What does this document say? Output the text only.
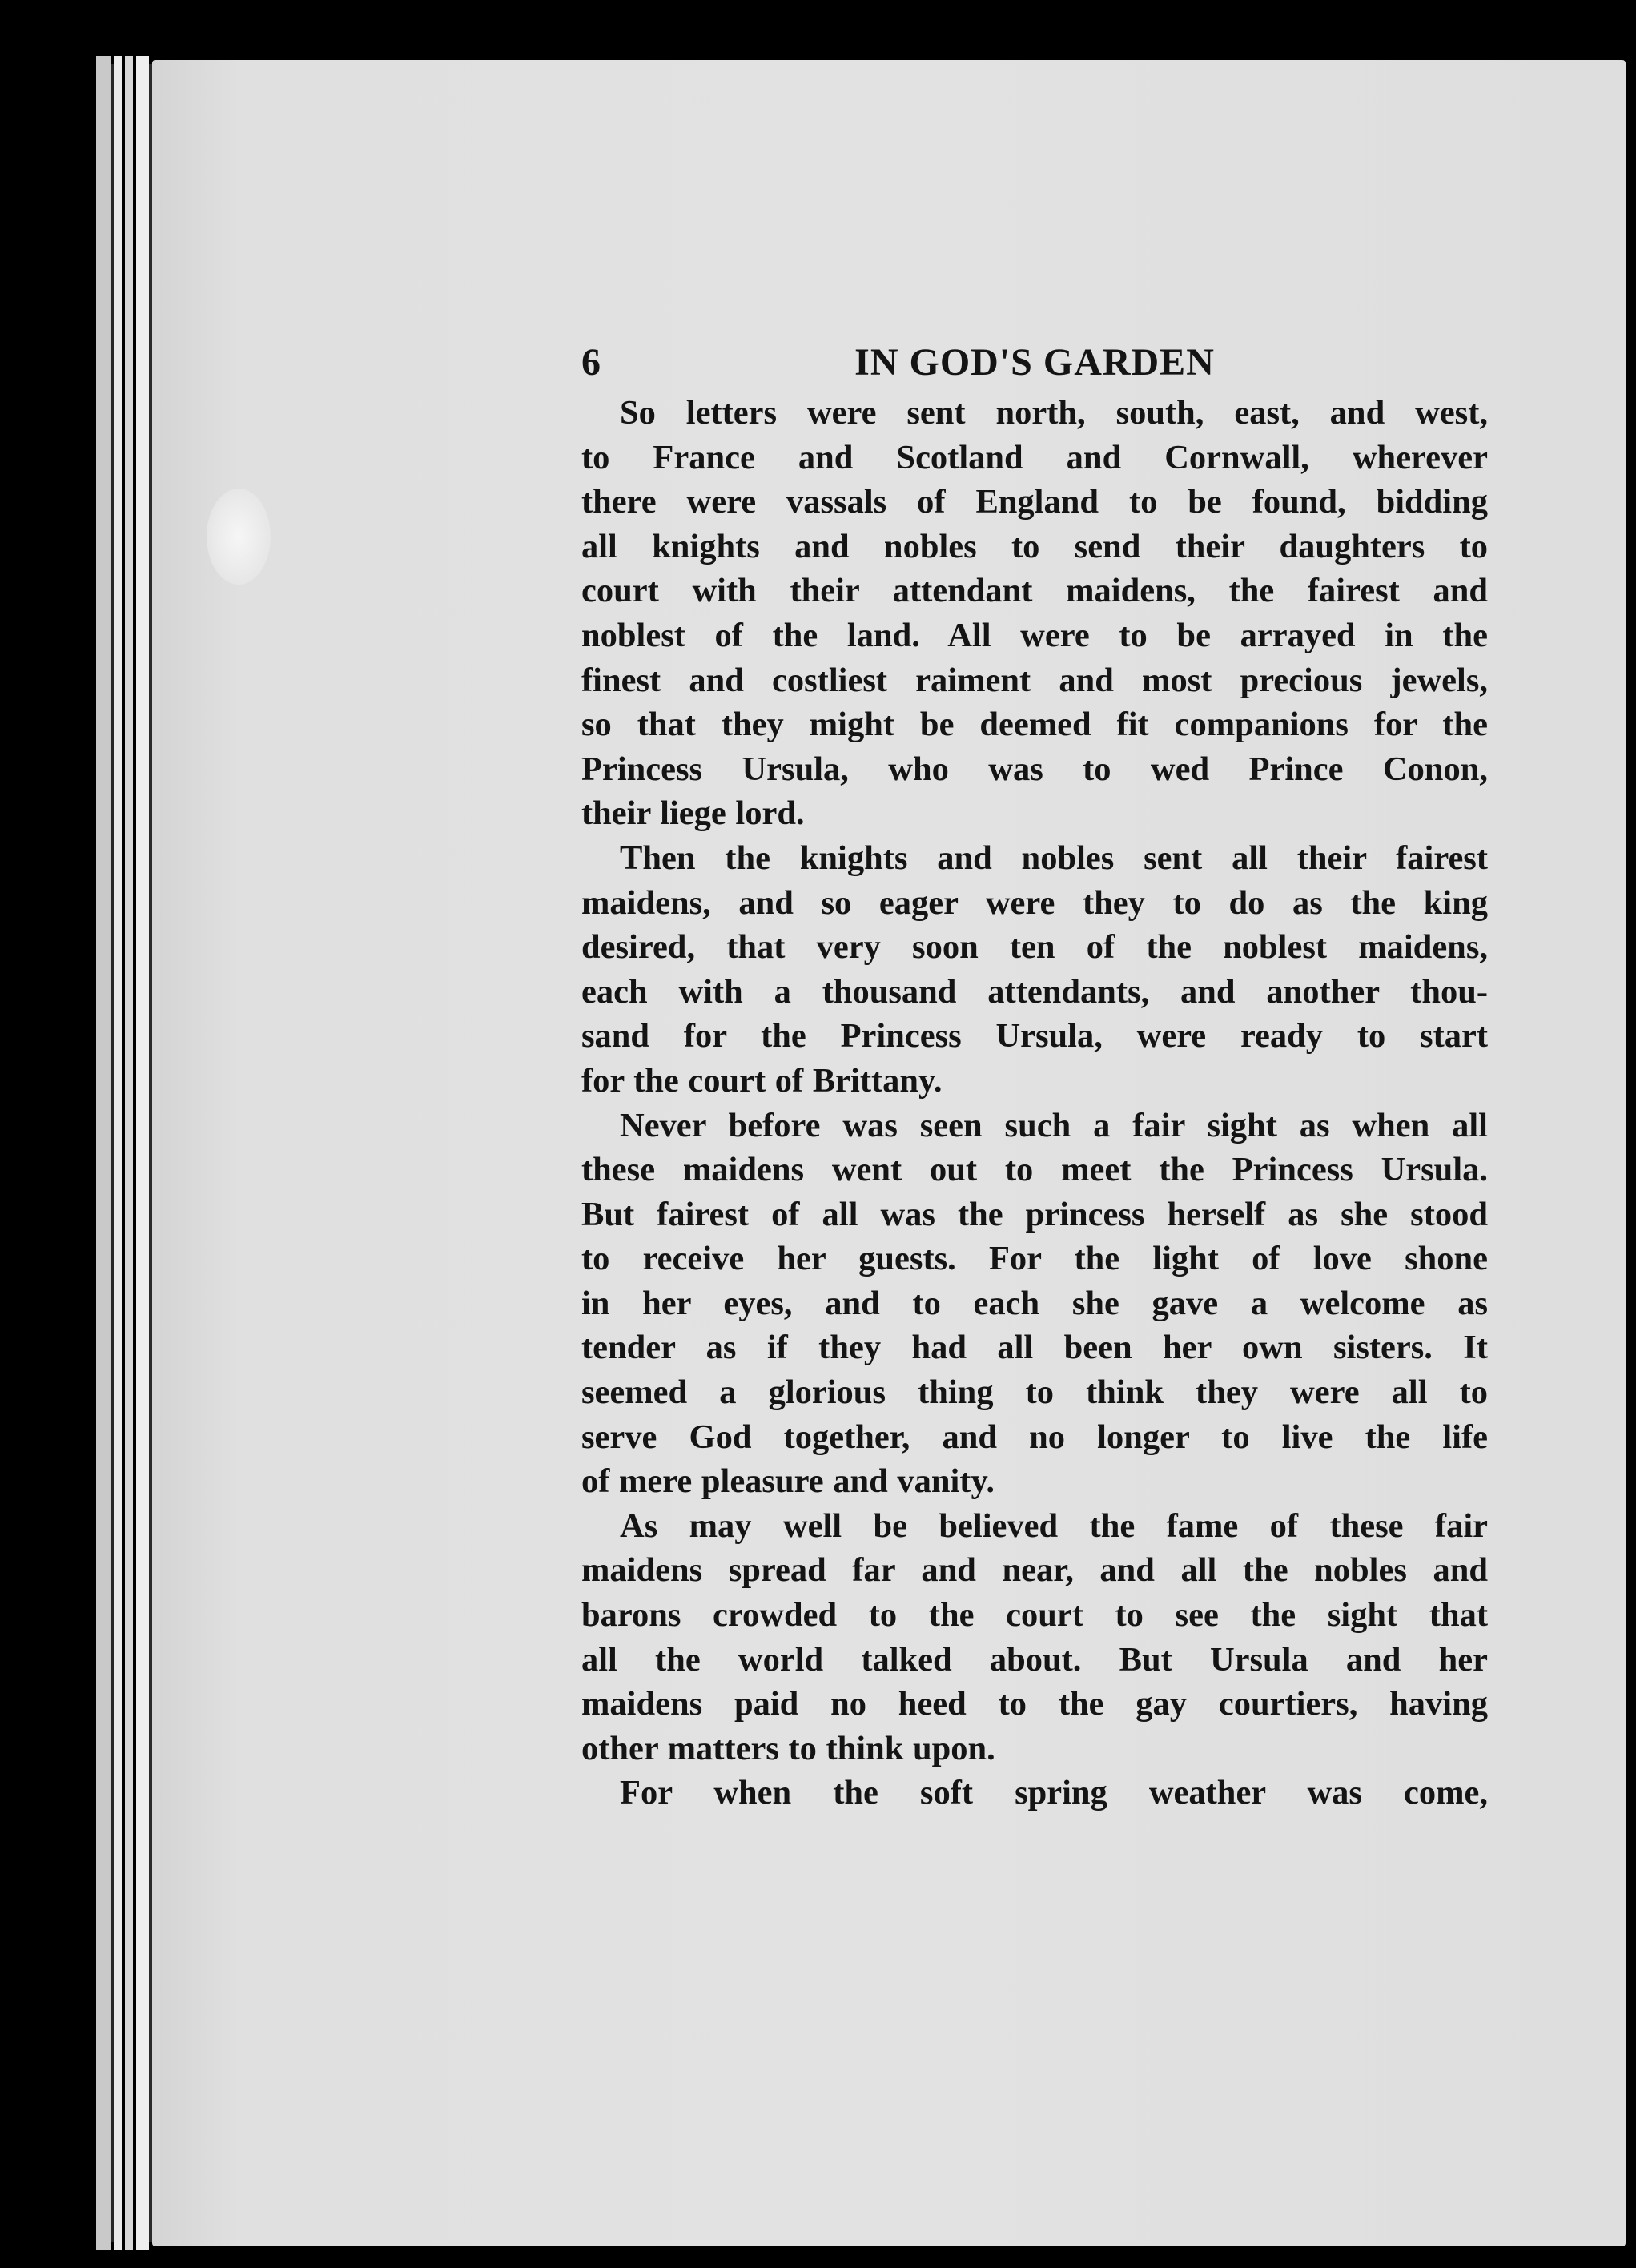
6	IN GOD'S GARDEN

So letters were sent north, south, east, and west,
to France and Scotland and Cornwall, wherever
there were vassals of England to be found, bidding
all knights and nobles to send their daughters to
court with their attendant maidens, the fairest and
noblest of the land. All were to be arrayed in the
finest and costliest raiment and most precious jewels,
so that they might be deemed fit companions for the
Princess Ursula, who was to wed Prince Conon,
their liege lord.

Then the knights and nobles sent all their fairest
maidens, and so eager were they to do as the king
desired, that very soon ten of the noblest maidens,
each with a thousand attendants, and another thou-
sand for the Princess Ursula, were ready to start
for the court of Brittany.

Never before was seen such a fair sight as when all
these maidens went out to meet the Princess Ursula.
But fairest of all was the princess herself as she stood
to receive her guests. For the light of love shone
in her eyes, and to each she gave a welcome as
tender as if they had all been her own sisters. It
seemed a glorious thing to think they were all to
serve God together, and no longer to live the life
of mere pleasure and vanity.

As may well be believed the fame of these fair
maidens spread far and near, and all the nobles and
barons crowded to the court to see the sight that
all the world talked about. But Ursula and her
maidens paid no heed to the gay courtiers, having
other matters to think upon.

For when the soft spring weather was come,
